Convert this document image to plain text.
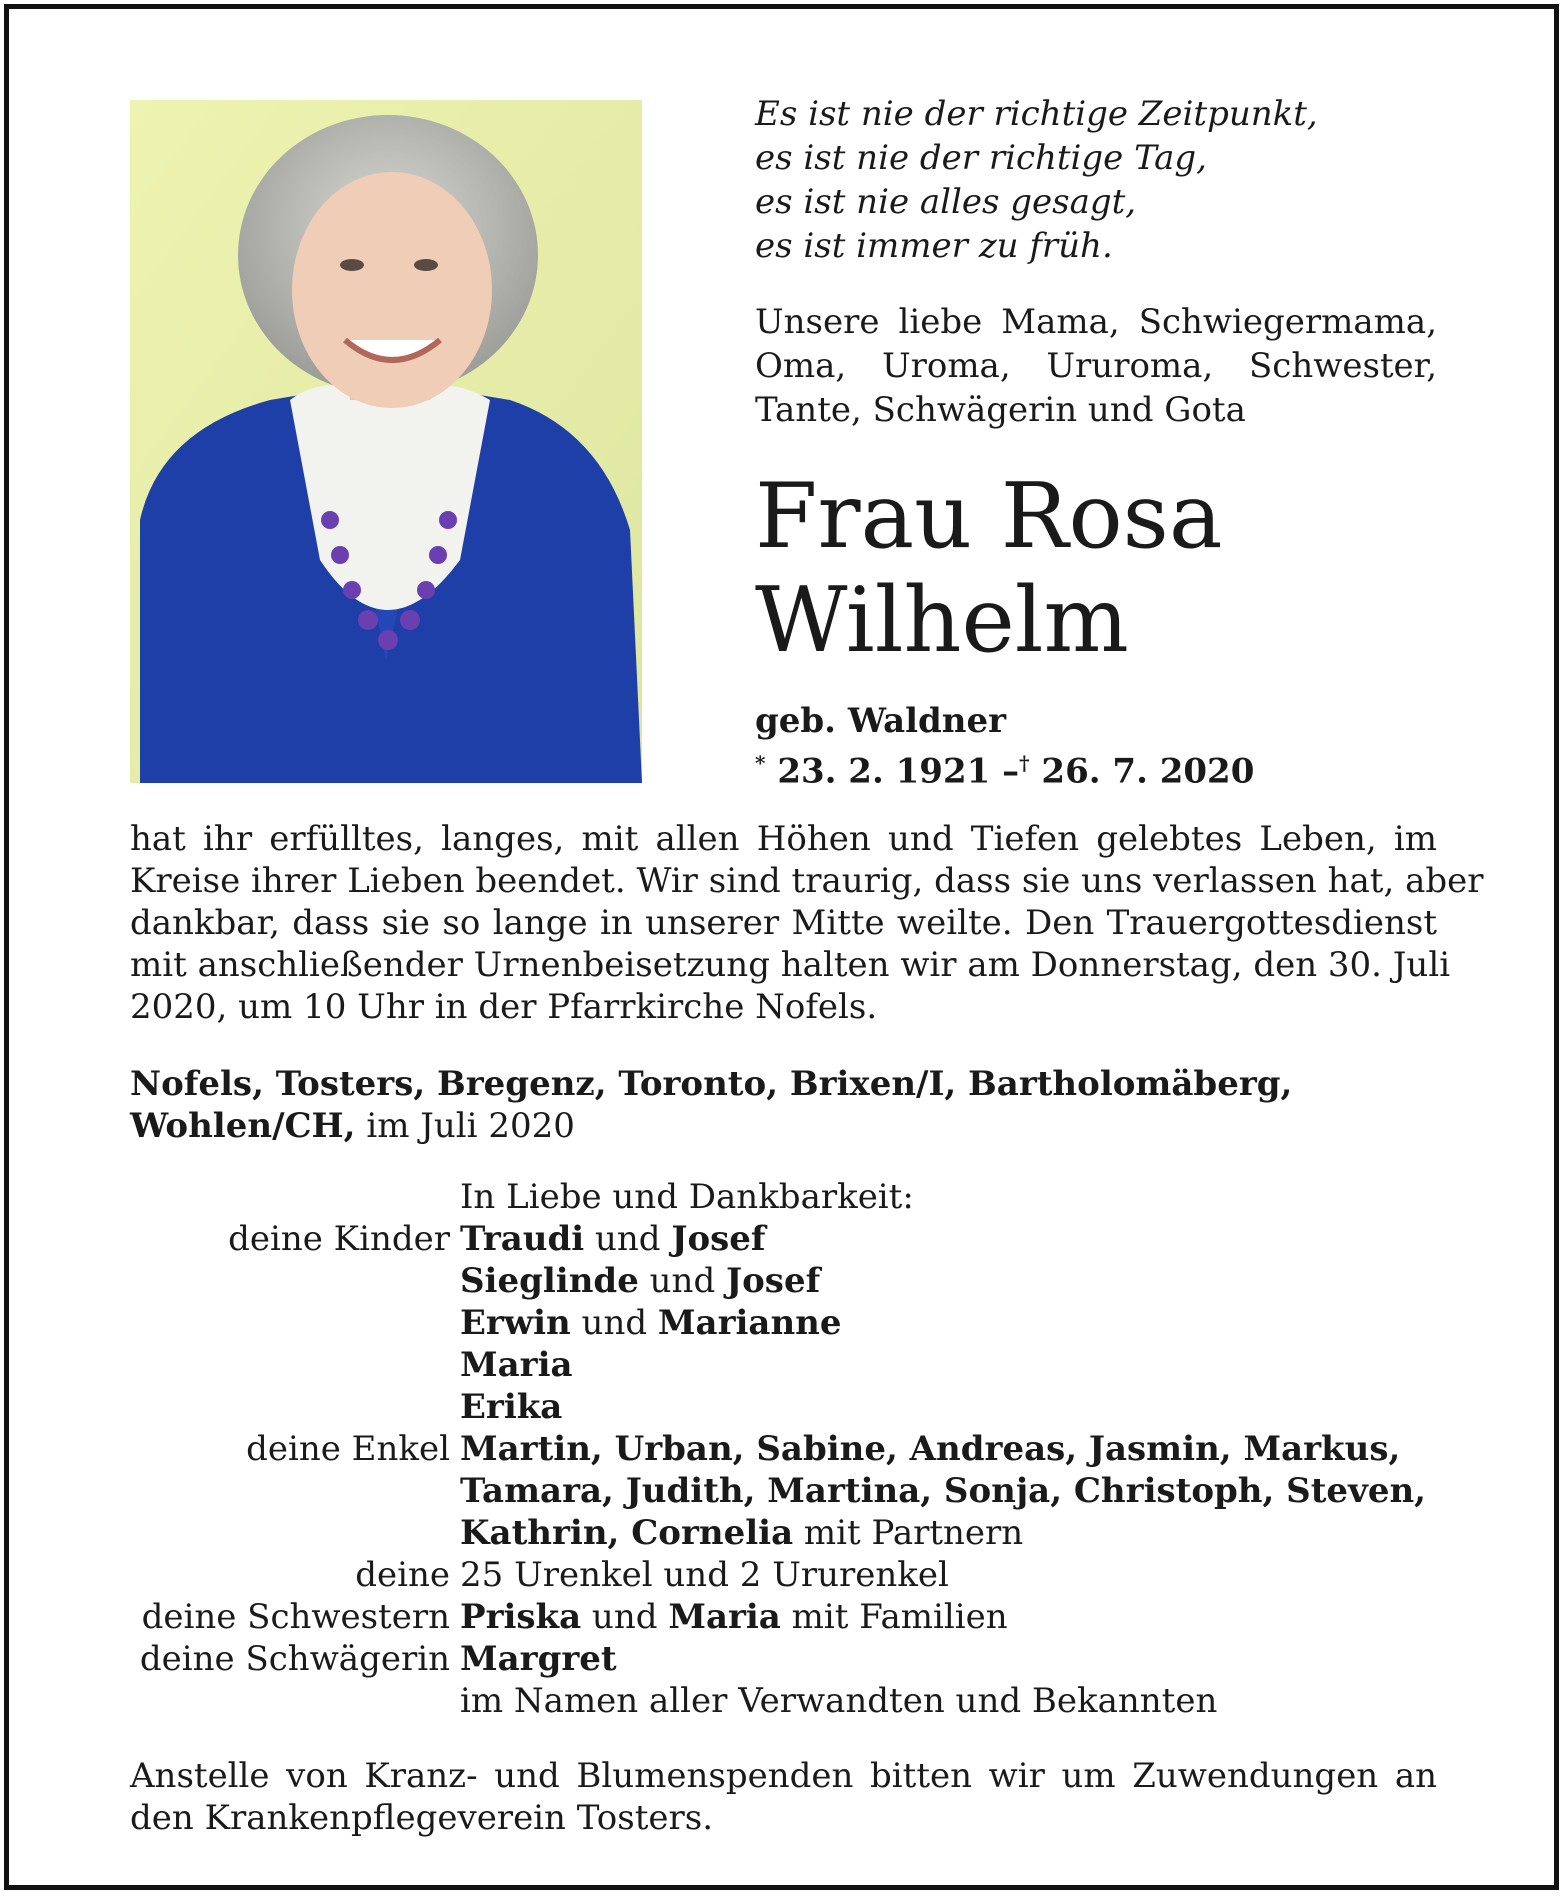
Es ist nie der richtige Zeitpunkt,
es ist nie der richtige Tag,
es ist nie alles gesagt,
es ist immer zu früh.
Unsere liebe Mama, Schwiegermama,
Oma, Uroma, Ururoma, Schwester,
Tante, Schwägerin und Gota
Frau Rosa
Wilhelm
geb. Waldner
* 23. 2. 1921 –† 26. 7. 2020
hat ihr erfülltes, langes, mit allen Höhen und Tiefen gelebtes Leben, im
Kreise ihrer Lieben beendet. Wir sind traurig, dass sie uns verlassen hat, aber
dankbar, dass sie so lange in unserer Mitte weilte. Den Trauergottesdienst
mit anschließender Urnenbeisetzung halten wir am Donnerstag, den 30. Juli
2020, um 10 Uhr in der Pfarrkirche Nofels.
Nofels, Tosters, Bregenz, Toronto, Brixen/I, Bartholomäberg,
Wohlen/CH, im Juli 2020
In Liebe und Dankbarkeit:
deine Kinder Traudi und Josef
Sieglinde und Josef
Erwin und Marianne
Maria
Erika
deine Enkel Martin, Urban, Sabine, Andreas, Jasmin, Markus,
Tamara, Judith, Martina, Sonja, Christoph, Steven,
Kathrin, Cornelia mit Partnern
deine 25 Urenkel und 2 Ururenkel
deine Schwestern Priska und Maria mit Familien
deine Schwägerin Margret
im Namen aller Verwandten und Bekannten
Anstelle von Kranz- und Blumenspenden bitten wir um Zuwendungen an
den Krankenpflegeverein Tosters.
